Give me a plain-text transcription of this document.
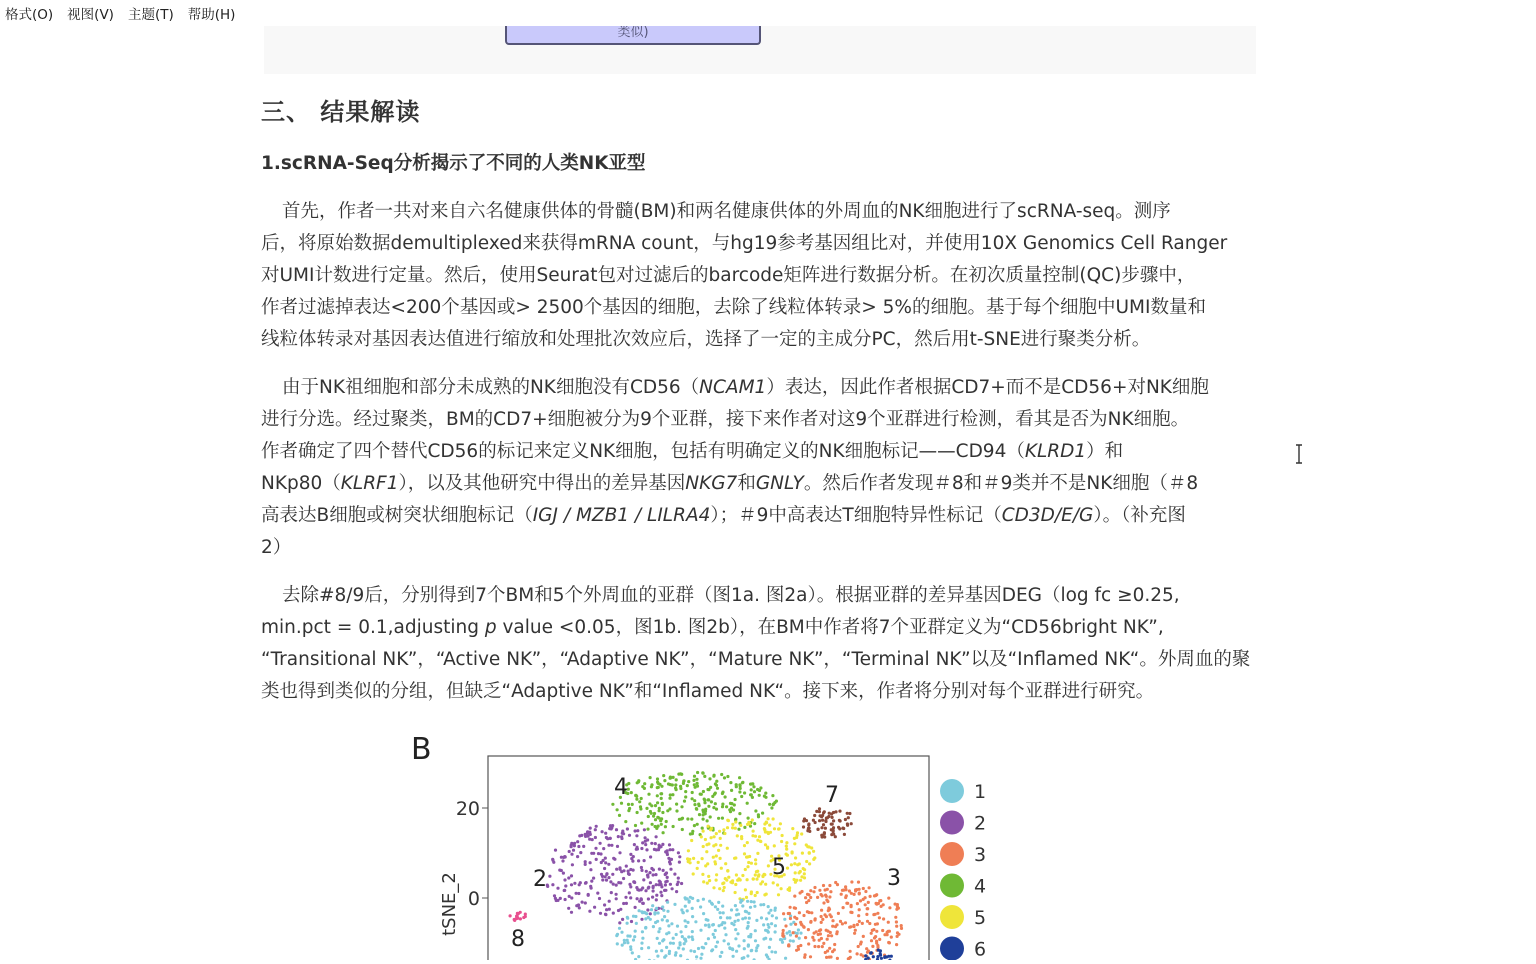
格式(O)	视图(V)	主题(T)	帮助(H)
类似)
三、 结果解读
1.scRNA-Seq分析揭示了不同的人类NK亚型
首先，作者一共对来自六名健康供体的骨髓(BM)和两名健康供体的外周血的NK细胞进行了scRNA-seq。测序
后，将原始数据demultiplexed来获得mRNA count，与hg19参考基因组比对，并使用10X Genomics Cell Ranger
对UMI计数进行定量。然后，使用Seurat包对过滤后的barcode矩阵进行数据分析。在初次质量控制(QC)步骤中，
作者过滤掉表达<200个基因或> 2500个基因的细胞，去除了线粒体转录> 5%的细胞。基于每个细胞中UMI数量和
线粒体转录对基因表达值进行缩放和处理批次效应后，选择了一定的主成分PC，然后用t-SNE进行聚类分析。
由于NK祖细胞和部分未成熟的NK细胞没有CD56（NCAM1）表达，因此作者根据CD7+而不是CD56+对NK细胞
进行分选。经过聚类，BM的CD7+细胞被分为9个亚群，接下来作者对这9个亚群进行检测，看其是否为NK细胞。
作者确定了四个替代CD56的标记来定义NK细胞，包括有明确定义的NK细胞标记——CD94（KLRD1）和
NKp80（KLRF1），以及其他研究中得出的差异基因NKG7和GNLY。然后作者发现＃8和＃9类并不是NK细胞（＃8
高表达B细胞或树突状细胞标记（IGJ / MZB1 / LILRA4）；＃9中高表达T细胞特异性标记（CD3D/E/G）。（补充图
2）
去除#8/9后，分别得到7个BM和5个外周血的亚群（图1a. 图2a）。根据亚群的差异基因DEG（log fc ≥0.25,
min.pct = 0.1,adjusting p value <0.05，图1b. 图2b），在BM中作者将7个亚群定义为“CD56bright NK”,
“Transitional NK”，“Active NK”，“Adaptive NK”，“Mature NK”，“Terminal NK”以及“Inflamed NK“。外周血的聚
类也得到类似的分组，但缺乏“Adaptive NK”和“Inflamed NK“。接下来，作者将分别对每个亚群进行研究。
B
20
0
tSNE_2
4	7
2	5	3
8
1
2
3
4
5
6
